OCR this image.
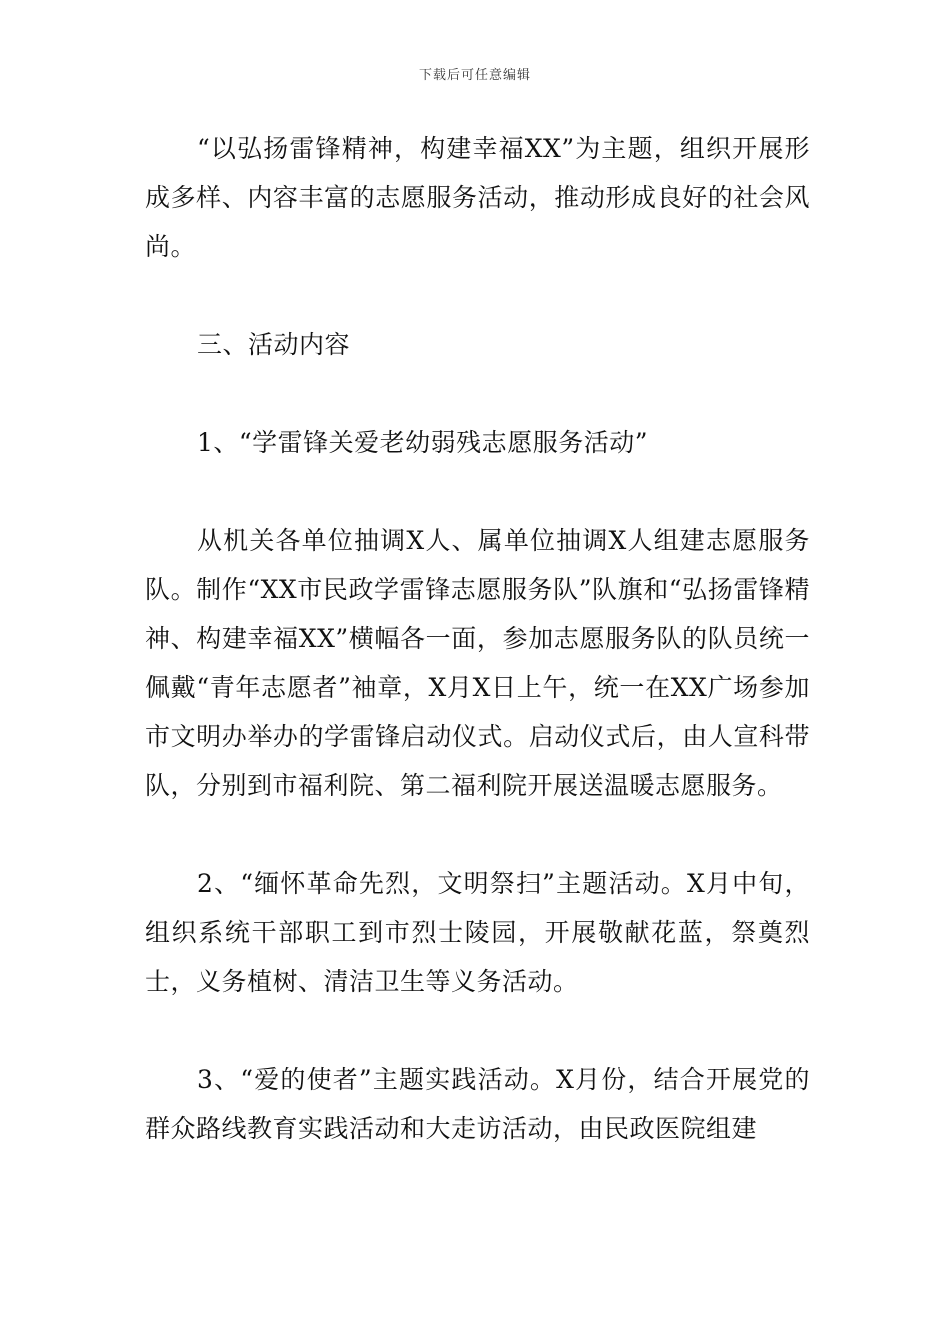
下载后可任意编辑

“以弘扬雷锋精神，构建幸福XX”为主题，组织开展形成多样、内容丰富的志愿服务活动，推动形成良好的社会风尚。

三、活动内容

1、“学雷锋关爱老幼弱残志愿服务活动”

从机关各单位抽调X人、属单位抽调X人组建志愿服务队。制作“XX市民政学雷锋志愿服务队”队旗和“弘扬雷锋精神、构建幸福XX”横幅各一面，参加志愿服务队的队员统一佩戴“青年志愿者”袖章，X月X日上午，统一在XX广场参加市文明办举办的学雷锋启动仪式。启动仪式后，由人宣科带队，分别到市福利院、第二福利院开展送温暖志愿服务。

2、“缅怀革命先烈，文明祭扫”主题活动。X月中旬，组织系统干部职工到市烈士陵园，开展敬献花蓝，祭奠烈士，义务植树、清洁卫生等义务活动。

3、“爱的使者”主题实践活动。X月份，结合开展党的群众路线教育实践活动和大走访活动，由民政医院组建
